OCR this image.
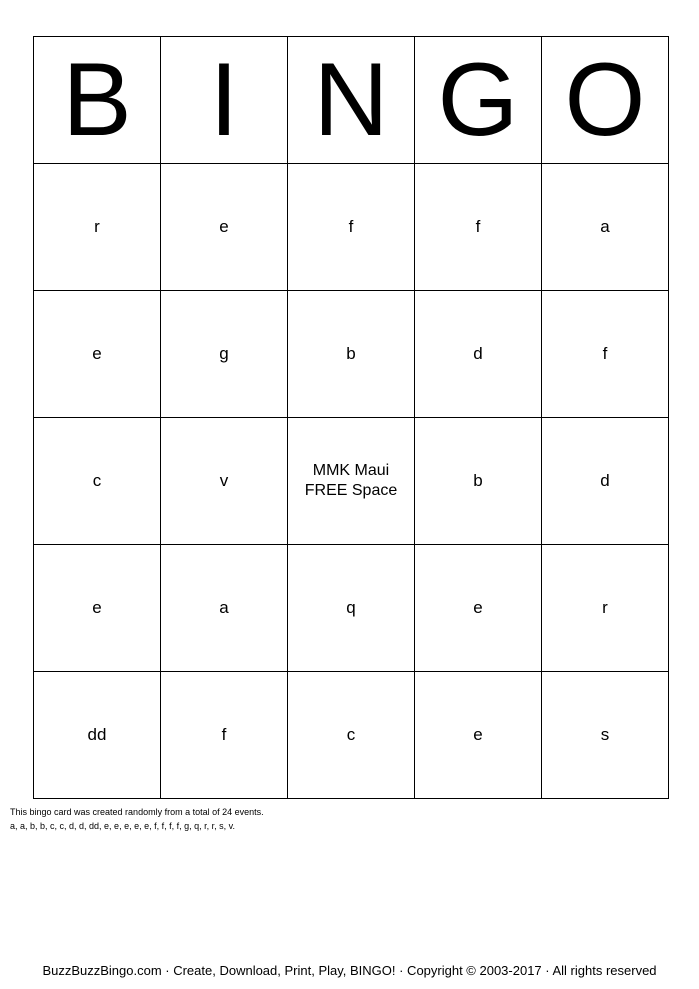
B	I	N	G	O
r	e	f	f	a
e	g	b	d	f
c	v	MMK Maui FREE Space	b	d
e	a	q	e	r
dd	f	c	e	s
This bingo card was created randomly from a total of 24 events.
a, a, b, b, c, c, d, d, dd, e, e, e, e, e, f, f, f, f, g, q, r, r, s, v.
BuzzBuzzBingo.com · Create, Download, Print, Play, BINGO! · Copyright © 2003-2017 · All rights reserved
